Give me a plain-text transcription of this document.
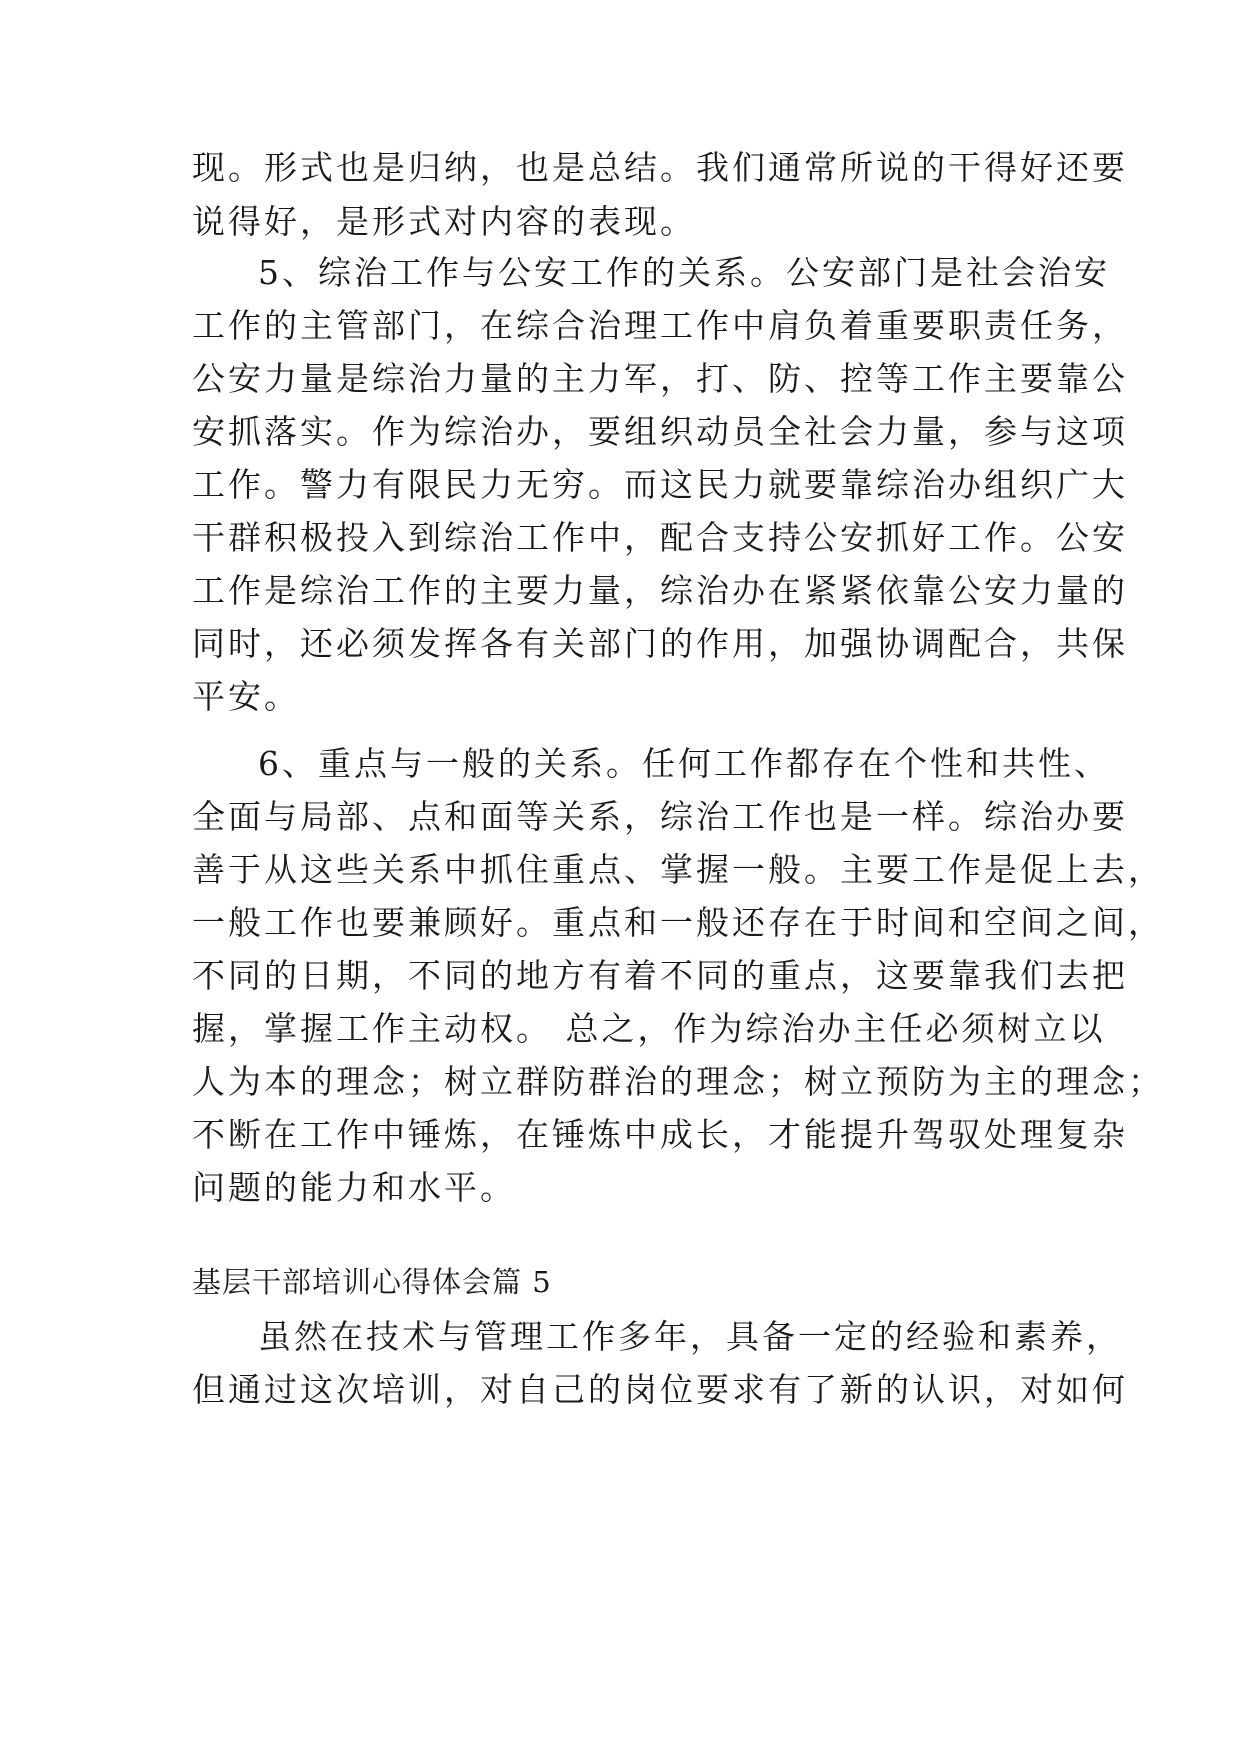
现。形式也是归纳，也是总结。我们通常所说的干得好还要
说得好，是形式对内容的表现。
5、综治工作与公安工作的关系。公安部门是社会治安
工作的主管部门，在综合治理工作中肩负着重要职责任务，
公安力量是综治力量的主力军，打、防、控等工作主要靠公
安抓落实。作为综治办，要组织动员全社会力量，参与这项
工作。警力有限民力无穷。而这民力就要靠综治办组织广大
干群积极投入到综治工作中，配合支持公安抓好工作。公安
工作是综治工作的主要力量，综治办在紧紧依靠公安力量的
同时，还必须发挥各有关部门的作用，加强协调配合，共保
平安。
6、重点与一般的关系。任何工作都存在个性和共性、
全面与局部、点和面等关系，综治工作也是一样。综治办要
善于从这些关系中抓住重点、掌握一般。主要工作是促上去，
一般工作也要兼顾好。重点和一般还存在于时间和空间之间，
不同的日期，不同的地方有着不同的重点，这要靠我们去把
握，掌握工作主动权。 总之，作为综治办主任必须树立以
人为本的理念；树立群防群治的理念；树立预防为主的理念；
不断在工作中锤炼，在锤炼中成长，才能提升驾驭处理复杂
问题的能力和水平。
基层干部培训心得体会篇 5
虽然在技术与管理工作多年，具备一定的经验和素养，
但通过这次培训，对自己的岗位要求有了新的认识，对如何
